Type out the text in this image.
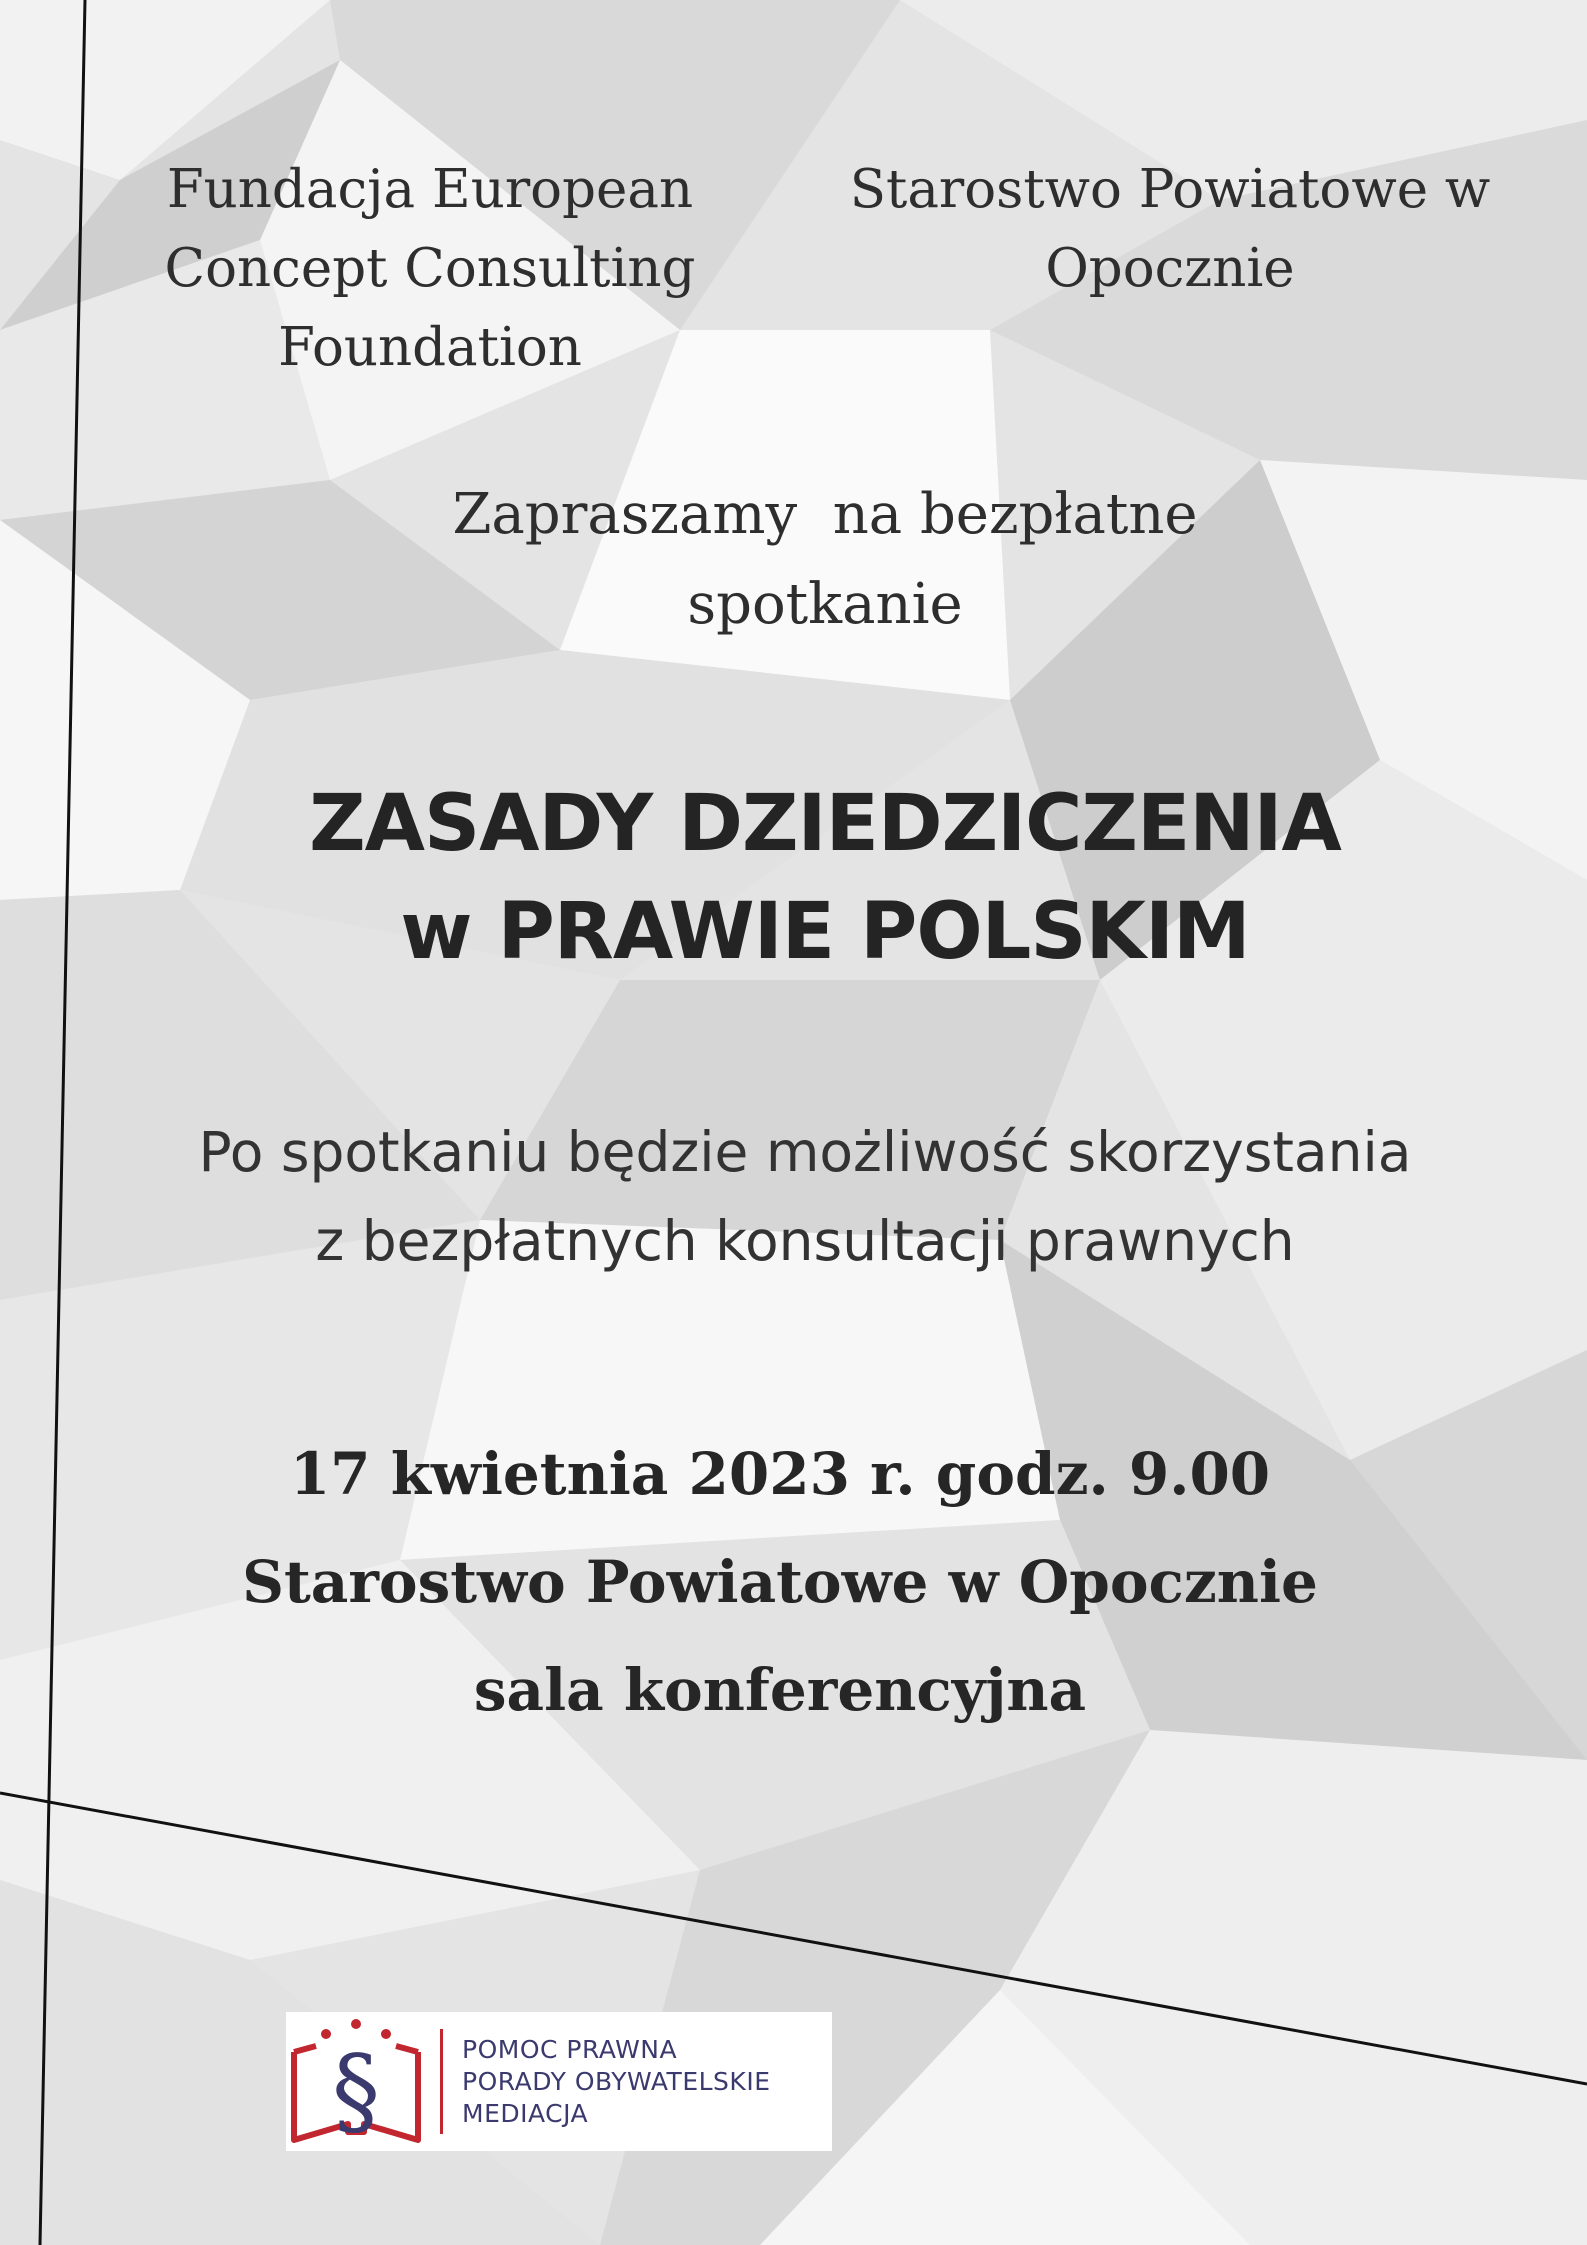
Fundacja European
Concept Consulting
Foundation
Starostwo Powiatowe w
Opocznie
Zapraszamy  na bezpłatne
spotkanie
ZASADY DZIEDZICZENIA
w PRAWIE POLSKIM
Po spotkaniu będzie możliwość skorzystania
z bezpłatnych konsultacji prawnych
17 kwietnia 2023 r. godz. 9.00
Starostwo Powiatowe w Opocznie
sala konferencyjna
§	POMOC PRAWNA
PORADY OBYWATELSKIE
MEDIACJA
